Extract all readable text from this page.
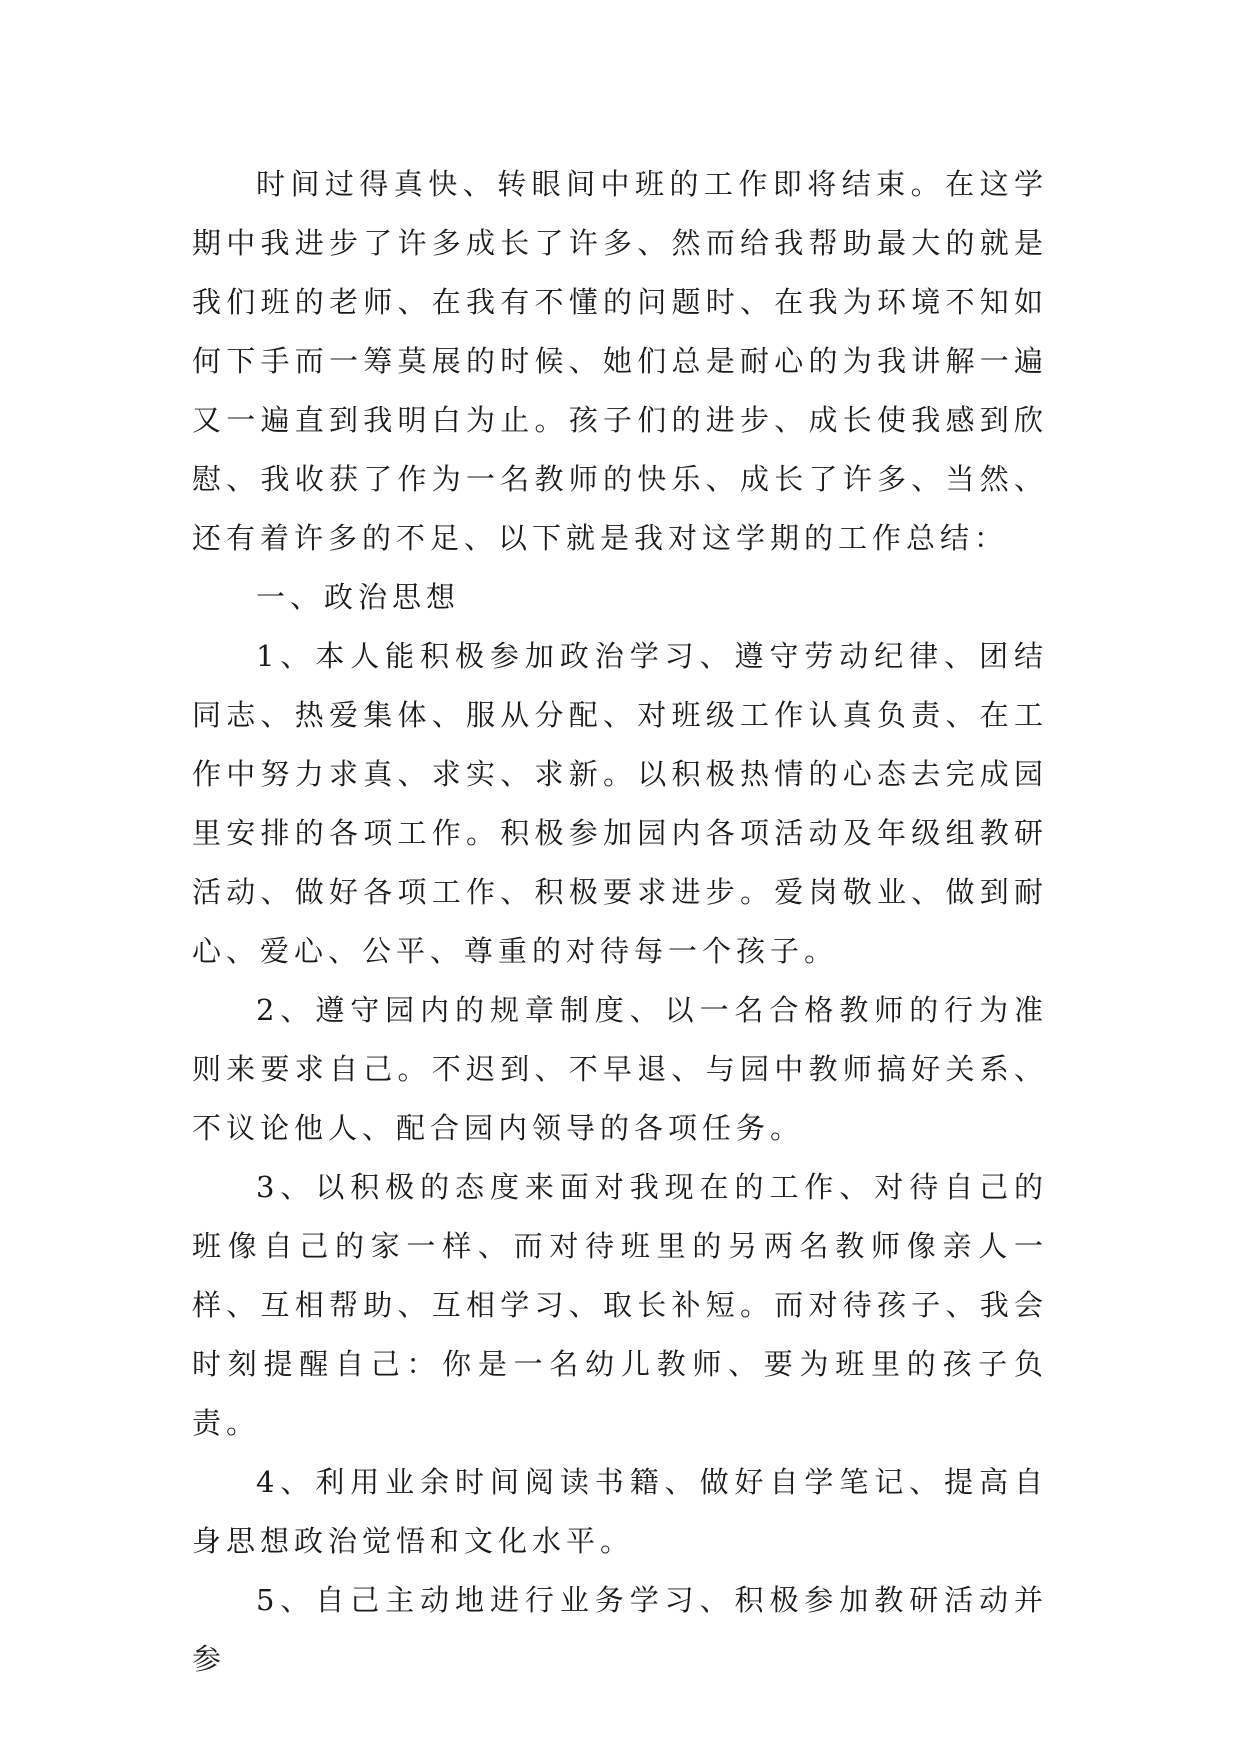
时间过得真快、转眼间中班的工作即将结束。在这学期中我进步了许多成长了许多、然而给我帮助最大的就是我们班的老师、在我有不懂的问题时、在我为环境不知如何下手而一筹莫展的时候、她们总是耐心的为我讲解一遍又一遍直到我明白为止。孩子们的进步、成长使我感到欣慰、我收获了作为一名教师的快乐、成长了许多、当然、还有着许多的不足、以下就是我对这学期的工作总结：

一、政治思想

1、本人能积极参加政治学习、遵守劳动纪律、团结同志、热爱集体、服从分配、对班级工作认真负责、在工作中努力求真、求实、求新。以积极热情的心态去完成园里安排的各项工作。积极参加园内各项活动及年级组教研活动、做好各项工作、积极要求进步。爱岗敬业、做到耐心、爱心、公平、尊重的对待每一个孩子。

2、遵守园内的规章制度、以一名合格教师的行为准则来要求自己。不迟到、不早退、与园中教师搞好关系、不议论他人、配合园内领导的各项任务。

3、以积极的态度来面对我现在的工作、对待自己的班像自己的家一样、而对待班里的另两名教师像亲人一样、互相帮助、互相学习、取长补短。而对待孩子、我会时刻提醒自己：你是一名幼儿教师、要为班里的孩子负责。

4、利用业余时间阅读书籍、做好自学笔记、提高自身思想政治觉悟和文化水平。

5、自己主动地进行业务学习、积极参加教研活动并参
